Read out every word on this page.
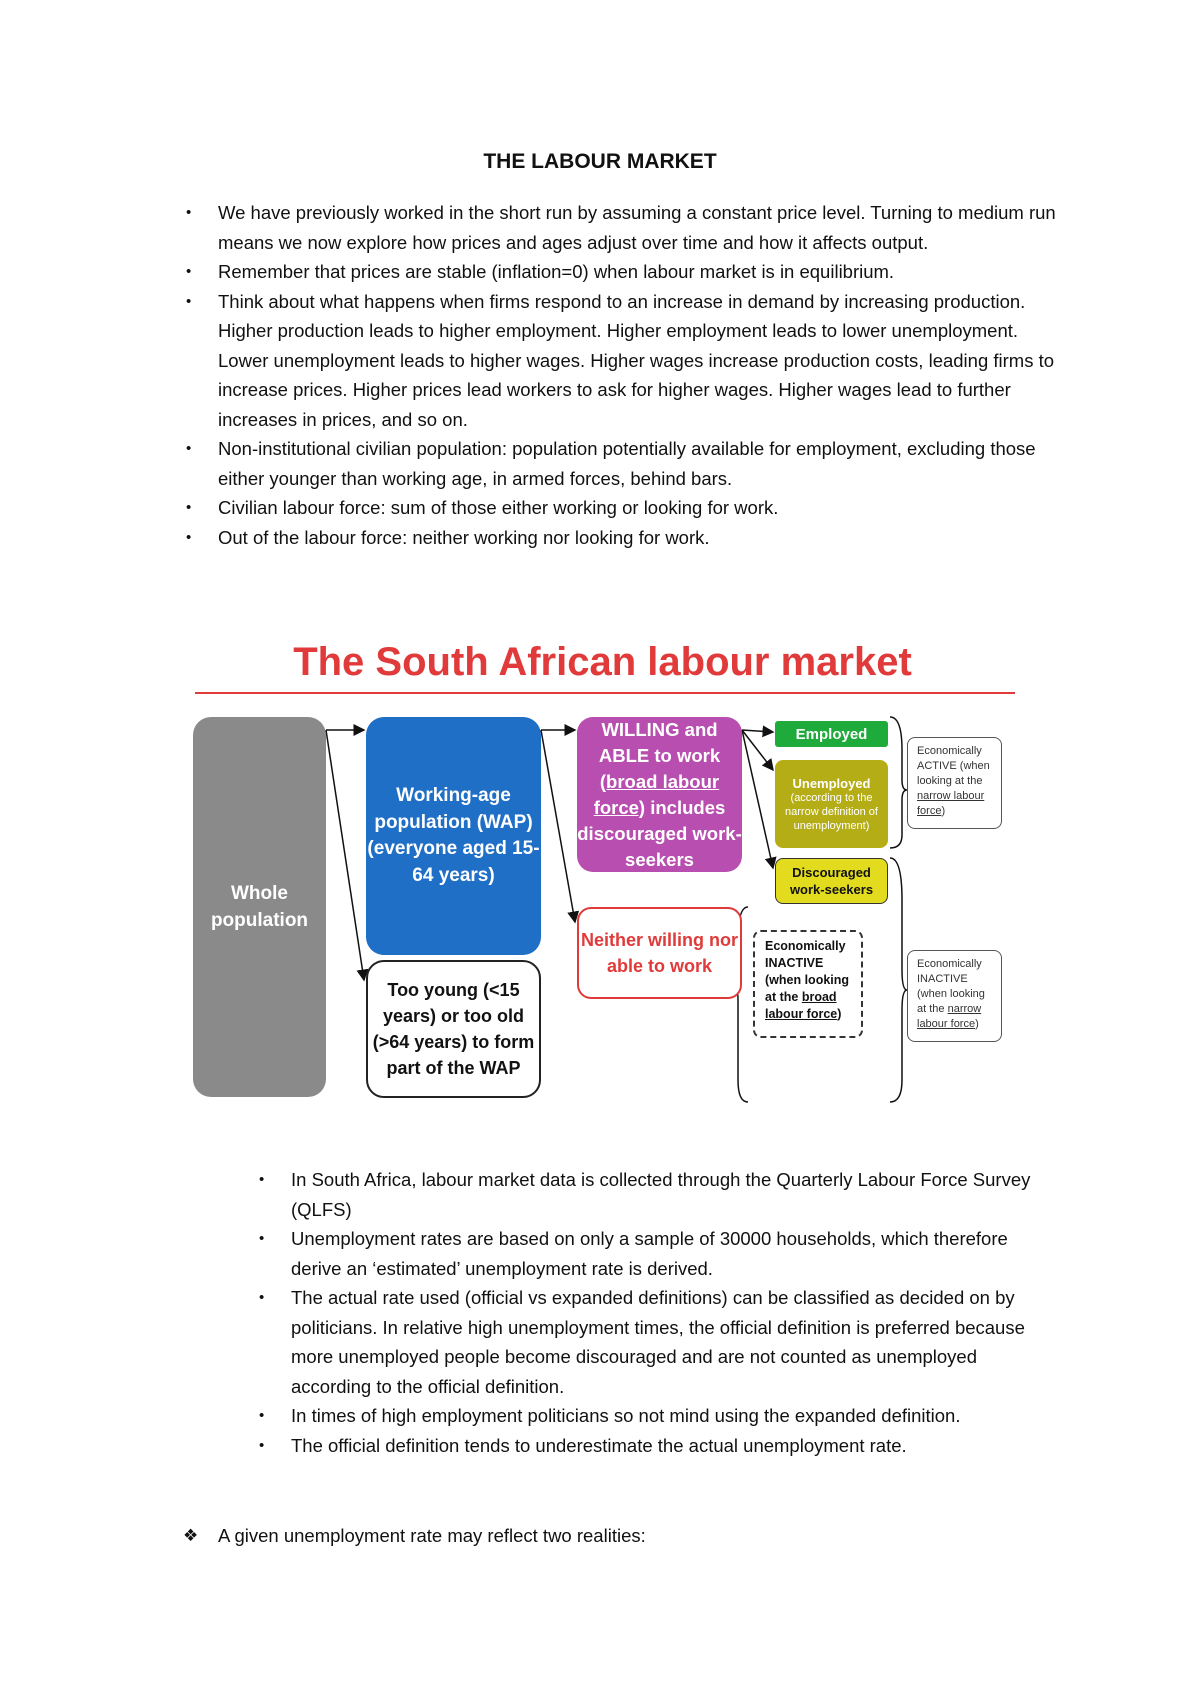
THE LABOUR MARKET
• We have previously worked in the short run by assuming a constant price level. Turning to medium run means we now explore how prices and ages adjust over time and how it affects output.
• Remember that prices are stable (inflation=0) when labour market is in equilibrium.
• Think about what happens when firms respond to an increase in demand by increasing production. Higher production leads to higher employment. Higher employment leads to lower unemployment. Lower unemployment leads to higher wages. Higher wages increase production costs, leading firms to increase prices. Higher prices lead workers to ask for higher wages. Higher wages lead to further increases in prices, and so on.
• Non-institutional civilian population: population potentially available for employment, excluding those either younger than working age, in armed forces, behind bars.
• Civilian labour force: sum of those either working or looking for work.
• Out of the labour force: neither working nor looking for work.
The South African labour market
Whole population
Working-age population (WAP) (everyone aged 15-64 years)
Too young (<15 years) or too old (>64 years) to form part of the WAP
WILLING and ABLE to work
(broad labour force) includes discouraged work-seekers
Neither willing nor able to work
Employed
Unemployed
(according to the narrow definition of unemployment)
Discouraged work-seekers
Economically INACTIVE (when looking at the broad labour force)
Economically ACTIVE (when looking at the narrow labour force)
Economically INACTIVE (when looking at the narrow labour force)
• In South Africa, labour market data is collected through the Quarterly Labour Force Survey (QLFS)
• Unemployment rates are based on only a sample of 30000 households, which therefore derive an ‘estimated’ unemployment rate is derived.
• The actual rate used (official vs expanded definitions) can be classified as decided on by politicians. In relative high unemployment times, the official definition is preferred because more unemployed people become discouraged and are not counted as unemployed according to the official definition.
• In times of high employment politicians so not mind using the expanded definition.
• The official definition tends to underestimate the actual unemployment rate.
❖ A given unemployment rate may reflect two realities:
